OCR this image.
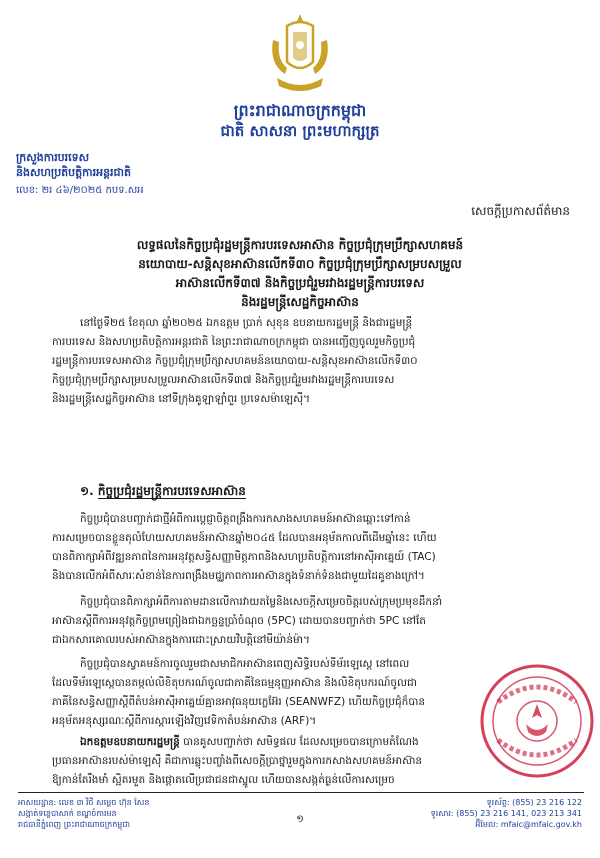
ព្រះរាជាណាចក្រកម្ពុជា
ជាតិ សាសនា ព្រះមហាក្សត្រ
ក្រសួងការបរទេស
និងសហប្រតិបត្តិការអន្តរជាតិ
លេខ: ២រ ៤៦/២០២៥ កបទ.សអ
សេចក្តីប្រកាសព័ត៌មាន
លទ្ធផលនៃកិច្ចប្រជុំរដ្ឋមន្ត្រីការបរទេសអាស៊ាន កិច្ចប្រជុំក្រុមប្រឹក្សាសហគមន៍
នយោបាយ-សន្តិសុខអាស៊ានលើកទី៣០ កិច្ចប្រជុំក្រុមប្រឹក្សាសម្របសម្រួល
អាស៊ានលើកទី៣៧ និងកិច្ចប្រជុំរួមរវាងរដ្ឋមន្ត្រីការបរទេស
និងរដ្ឋមន្ត្រីសេដ្ឋកិច្ចអាស៊ាន
នៅថ្ងៃទី២៥ ខែតុលា ឆ្នាំ២០២៥ ឯកឧត្តម ប្រាក់ សុខុន ឧបនាយករដ្ឋមន្ត្រី និងជារដ្ឋមន្ត្រី
ការបរទេស និងសហប្រតិបត្តិការអន្តរជាតិ នៃព្រះរាជាណាចក្រកម្ពុជា បានអញ្ជើញចូលរួមកិច្ចប្រជុំ
រដ្ឋមន្ត្រីការបរទេសអាស៊ាន កិច្ចប្រជុំក្រុមប្រឹក្សាសហគមន៍នយោបាយ-សន្តិសុខអាស៊ានលើកទី៣០
កិច្ចប្រជុំក្រុមប្រឹក្សាសម្របសម្រួលអាស៊ានលើកទី៣៧ និងកិច្ចប្រជុំរួមរវាងរដ្ឋមន្ត្រីការបរទេស
និងរដ្ឋមន្ត្រីសេដ្ឋកិច្ចអាស៊ាន នៅទីក្រុងគូឡាឡាំពួរ ប្រទេសម៉ាឡេស៊ី។
១. កិច្ចប្រជុំរដ្ឋមន្ត្រីការបរទេសអាស៊ាន
កិច្ចប្រជុំបានបញ្ជាក់ជាថ្មីអំពីការប្តេជ្ញាចិត្តពង្រឹងការកសាងសហគមន៍អាស៊ានឆ្ពោះទៅកាន់
ការសម្រេចបានខ្លួនតុលំហែយសហគមន៍អាស៊ានឆ្នាំ២០៤៥ ដែលបានអនុម័តកាលពីដើមឆ្នាំនេះ ហើយ
បានពិភាក្សាអំពីវឌ្ឍនភាពនៃការអនុវត្តសន្ធិសញ្ញាមិត្តភាពនិងសហប្រតិបត្តិការនៅអាស៊ីអាគ្នេយ៍ (TAC)
និងបានលើកអំពីសារៈសំខាន់នៃការពង្រឹងមជ្ឈភាពការអាស៊ានក្នុងទំនាក់ទំនងជាមួយដៃគូខាងក្រៅ។
កិច្ចប្រជុំបានពិភាក្សាអំពីការតាមដានលើការវាយតម្លៃនិងសេចក្តីសម្រេចចិត្តរបស់ក្រុមប្រមុខដឹកនាំ
អាស៊ានស្តីពីការអនុវត្តកិច្ចព្រមព្រៀងជាឯកច្ឆន្ទប្រាំចំណុច (5PC) ដោយបានបញ្ជាក់ថា 5PC នៅតែ
ជាឯកសារគោលរបស់អាស៊ានក្នុងការដោះស្រាយវិបត្តិនៅមីយ៉ាន់ម៉ា។
កិច្ចប្រជុំបានស្វាគមន៍ការចូលរួមជាសមាជិកអាស៊ានពេញសិទ្ធិរបស់ទីម័រឡេស្តេ នៅពេល
ដែលទីម័រឡេស្តេបានតម្កល់លិខិតុបករណ៍ចូលជាភាគីនៃធម្មនុញ្ញអាស៊ាន និងលិខិតុបករណ៍ចូលជា
ភាគីនៃសន្ធិសញ្ញាស្តីពីតំបន់អាស៊ីអាគ្នេយ៍គ្មានអាវុធនុយក្លេអ៊ែរ (SEANWFZ) ហើយកិច្ចប្រជុំក៏បាន
អនុម័តអនុស្សរណៈស្តីពីការស្តារឡើងវិញវេទិកាតំបន់អាស៊ាន (ARF)។
ឯកឧត្តមឧបនាយករដ្ឋមន្ត្រី បានគូសបញ្ជាក់ថា សមិទ្ធផល ដែលសម្រេចបានក្រោមតំណែង
ប្រធានអាស៊ានរបស់ម៉ាឡេស៊ី គឺជាការឆ្លុះបញ្ចាំងពីសេចក្តីប្រាថ្នារួមក្នុងការកសាងសហគមន៍អាស៊ាន
ឱ្យកាន់តែរឹងមាំ ស្អិតរមួត និងផ្តោតលើប្រជាជនជាស្នូល ហើយបានសង្កត់ធ្ងន់លើការសម្រេច
អាសយដ្ឋាន: លេខ ៣ វិថី សម្តេច ហ៊ុន សែន
សង្កាត់ទន្លេបាសាក់ ខណ្ឌចំការមន
រាជធានីភ្នំពេញ ព្រះរាជាណាចក្រកម្ពុជា	១
ទូរស័ព្ទ: (855) 23 216 122
ទូរសារ: (855) 23 216 141, 023 213 341
អ៊ីមែល: mfaic@mfaic.gov.kh
